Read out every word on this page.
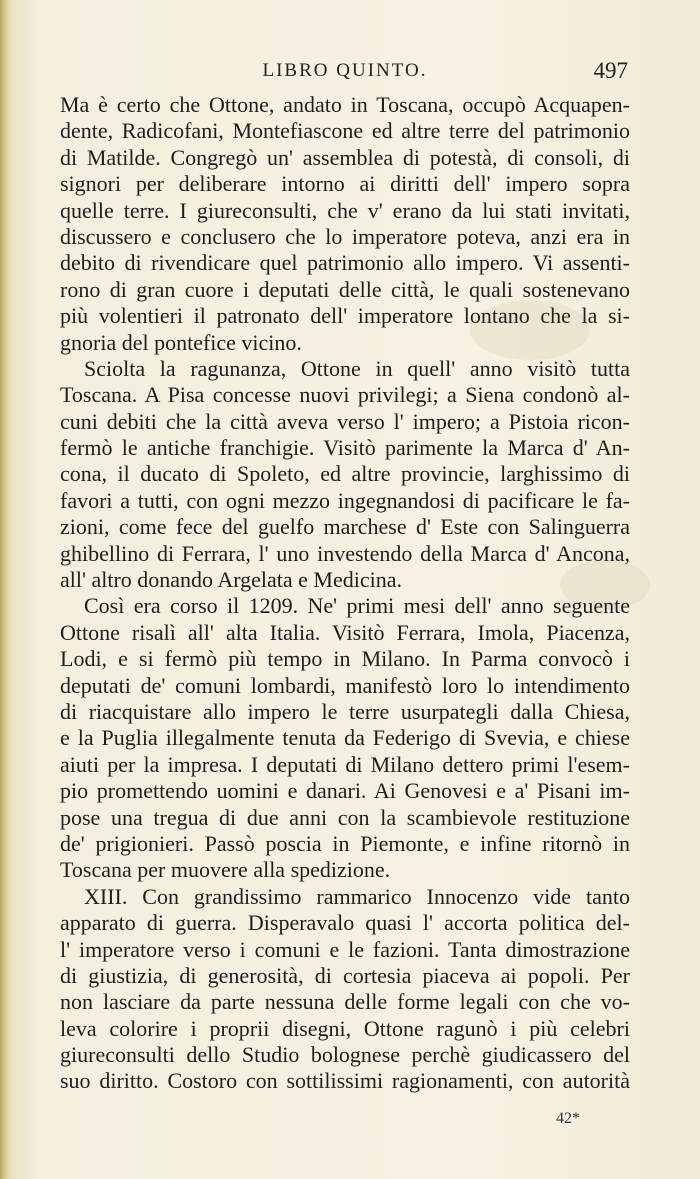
LIBRO QUINTO.	497
Ma è certo che Ottone, andato in Toscana, occupò Acquapen-
dente, Radicofani, Montefiascone ed altre terre del patrimonio
di Matilde. Congregò un' assemblea di potestà, di consoli, di
signori per deliberare intorno ai diritti dell' impero sopra
quelle terre. I giureconsulti, che v' erano da lui stati invitati,
discussero e conclusero che lo imperatore poteva, anzi era in
debito di rivendicare quel patrimonio allo impero. Vi assenti-
rono di gran cuore i deputati delle città, le quali sostenevano
più volentieri il patronato dell' imperatore lontano che la si-
gnoria del pontefice vicino.
Sciolta la ragunanza, Ottone in quell' anno visitò tutta
Toscana. A Pisa concesse nuovi privilegi; a Siena condonò al-
cuni debiti che la città aveva verso l' impero; a Pistoia ricon-
fermò le antiche franchigie. Visitò parimente la Marca d' An-
cona, il ducato di Spoleto, ed altre provincie, larghissimo di
favori a tutti, con ogni mezzo ingegnandosi di pacificare le fa-
zioni, come fece del guelfo marchese d' Este con Salinguerra
ghibellino di Ferrara, l' uno investendo della Marca d' Ancona,
all' altro donando Argelata e Medicina.
Così era corso il 1209. Ne' primi mesi dell' anno seguente
Ottone risalì all' alta Italia. Visitò Ferrara, Imola, Piacenza,
Lodi, e si fermò più tempo in Milano. In Parma convocò i
deputati de' comuni lombardi, manifestò loro lo intendimento
di riacquistare allo impero le terre usurpategli dalla Chiesa,
e la Puglia illegalmente tenuta da Federigo di Svevia, e chiese
aiuti per la impresa. I deputati di Milano dettero primi l'esem-
pio promettendo uomini e danari. Ai Genovesi e a' Pisani im-
pose una tregua di due anni con la scambievole restituzione
de' prigionieri. Passò poscia in Piemonte, e infine ritornò in
Toscana per muovere alla spedizione.
XIII. Con grandissimo rammarico Innocenzo vide tanto
apparato di guerra. Disperavalo quasi l' accorta politica del-
l' imperatore verso i comuni e le fazioni. Tanta dimostrazione
di giustizia, di generosità, di cortesia piaceva ai popoli. Per
non lasciare da parte nessuna delle forme legali con che vo-
leva colorire i proprii disegni, Ottone ragunò i più celebri
giureconsulti dello Studio bolognese perchè giudicassero del
suo diritto. Costoro con sottilissimi ragionamenti, con autorità
42*
